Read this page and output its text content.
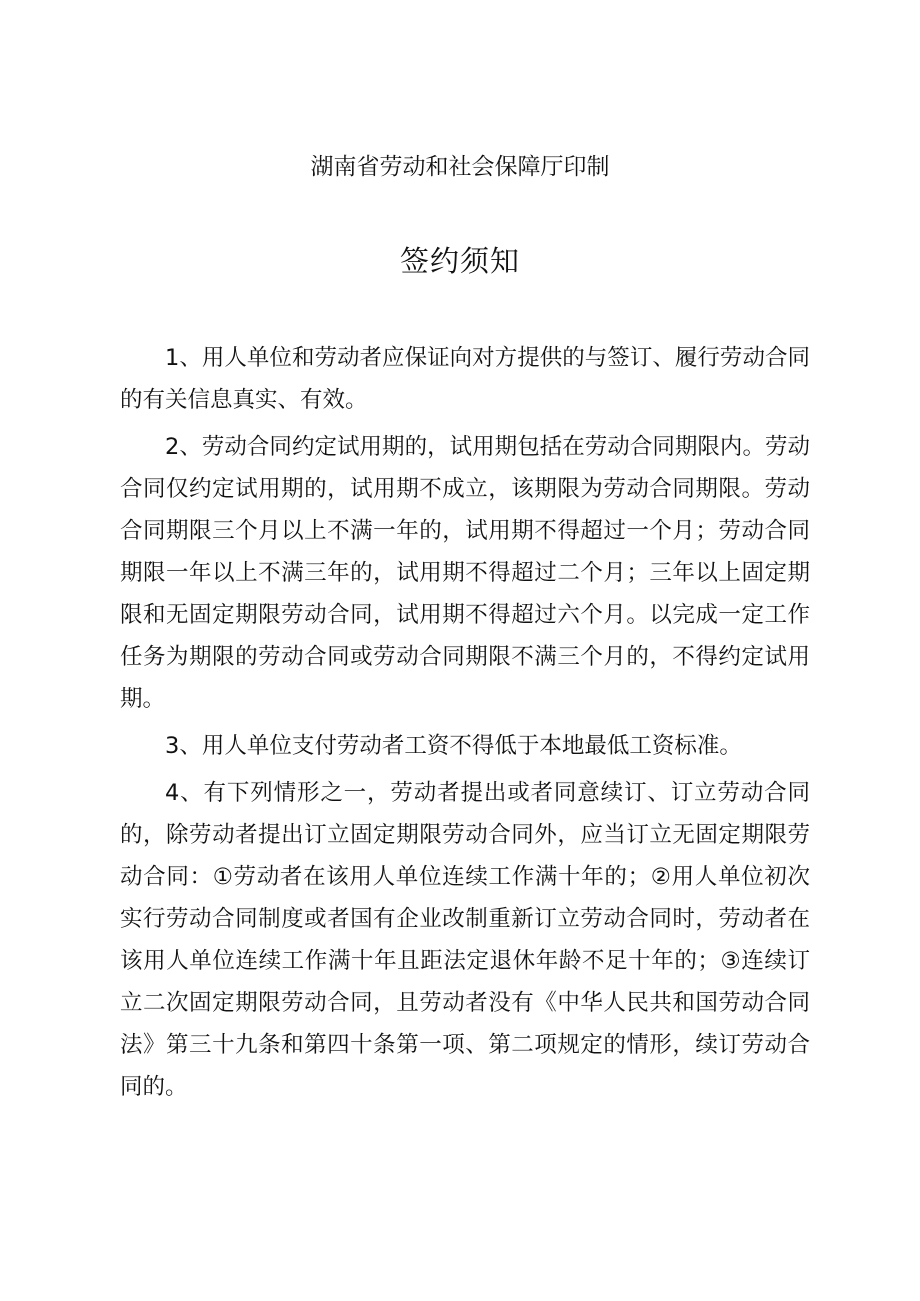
湖南省劳动和社会保障厅印制
签约须知

1、用人单位和劳动者应保证向对方提供的与签订、履行劳动合同的有关信息真实、有效。

2、劳动合同约定试用期的，试用期包括在劳动合同期限内。劳动合同仅约定试用期的，试用期不成立，该期限为劳动合同期限。劳动合同期限三个月以上不满一年的，试用期不得超过一个月；劳动合同期限一年以上不满三年的，试用期不得超过二个月；三年以上固定期限和无固定期限劳动合同，试用期不得超过六个月。以完成一定工作任务为期限的劳动合同或劳动合同期限不满三个月的，不得约定试用期。

3、用人单位支付劳动者工资不得低于本地最低工资标准。

4、有下列情形之一，劳动者提出或者同意续订、订立劳动合同的，除劳动者提出订立固定期限劳动合同外，应当订立无固定期限劳动合同：①劳动者在该用人单位连续工作满十年的；②用人单位初次实行劳动合同制度或者国有企业改制重新订立劳动合同时，劳动者在该用人单位连续工作满十年且距法定退休年龄不足十年的；③连续订立二次固定期限劳动合同，且劳动者没有《中华人民共和国劳动合同法》第三十九条和第四十条第一项、第二项规定的情形，续订劳动合同的。
